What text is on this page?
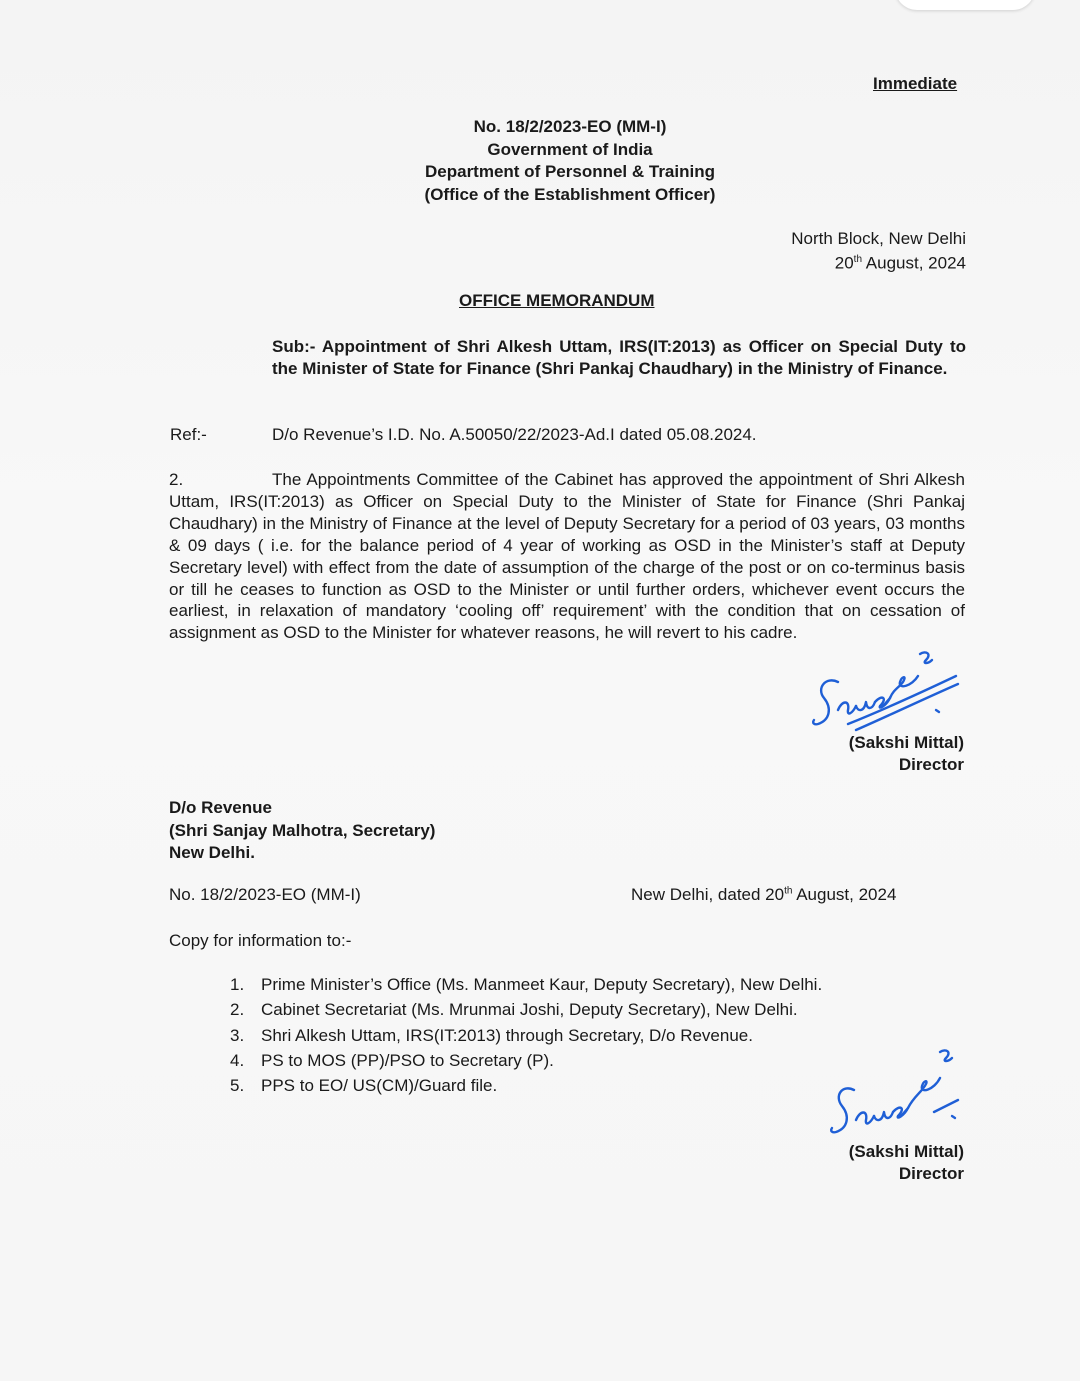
Immediate
No. 18/2/2023-EO (MM-I)
Government of India
Department of Personnel & Training
(Office of the Establishment Officer)
North Block, New Delhi
20th August, 2024
OFFICE MEMORANDUM
Sub:- Appointment of Shri Alkesh Uttam, IRS(IT:2013) as Officer on Special Duty to the Minister of State for Finance (Shri Pankaj Chaudhary) in the Ministry of Finance.
Ref:-	D/o Revenue’s I.D. No. A.50050/22/2023-Ad.I dated 05.08.2024.
2.	The Appointments Committee of the Cabinet has approved the appointment of Shri Alkesh Uttam, IRS(IT:2013) as Officer on Special Duty to the Minister of State for Finance (Shri Pankaj Chaudhary) in the Ministry of Finance at the level of Deputy Secretary for a period of 03 years, 03 months & 09 days ( i.e. for the balance period of 4 year of working as OSD in the Minister’s staff at Deputy Secretary level) with effect from the date of assumption of the charge of the post or on co-terminus basis or till he ceases to function as OSD to the Minister or until further orders, whichever event occurs the earliest, in relaxation of mandatory ‘cooling off’ requirement’ with the condition that on cessation of assignment as OSD to the Minister for whatever reasons, he will revert to his cadre.
(Sakshi Mittal)
Director
D/o Revenue
(Shri Sanjay Malhotra, Secretary)
New Delhi.
No. 18/2/2023-EO (MM-I)	New Delhi, dated 20th August, 2024
Copy for information to:-
1. Prime Minister’s Office (Ms. Manmeet Kaur, Deputy Secretary), New Delhi.
2. Cabinet Secretariat (Ms. Mrunmai Joshi, Deputy Secretary), New Delhi.
3. Shri Alkesh Uttam, IRS(IT:2013) through Secretary, D/o Revenue.
4. PS to MOS (PP)/PSO to Secretary (P).
5. PPS to EO/ US(CM)/Guard file.
(Sakshi Mittal)
Director
